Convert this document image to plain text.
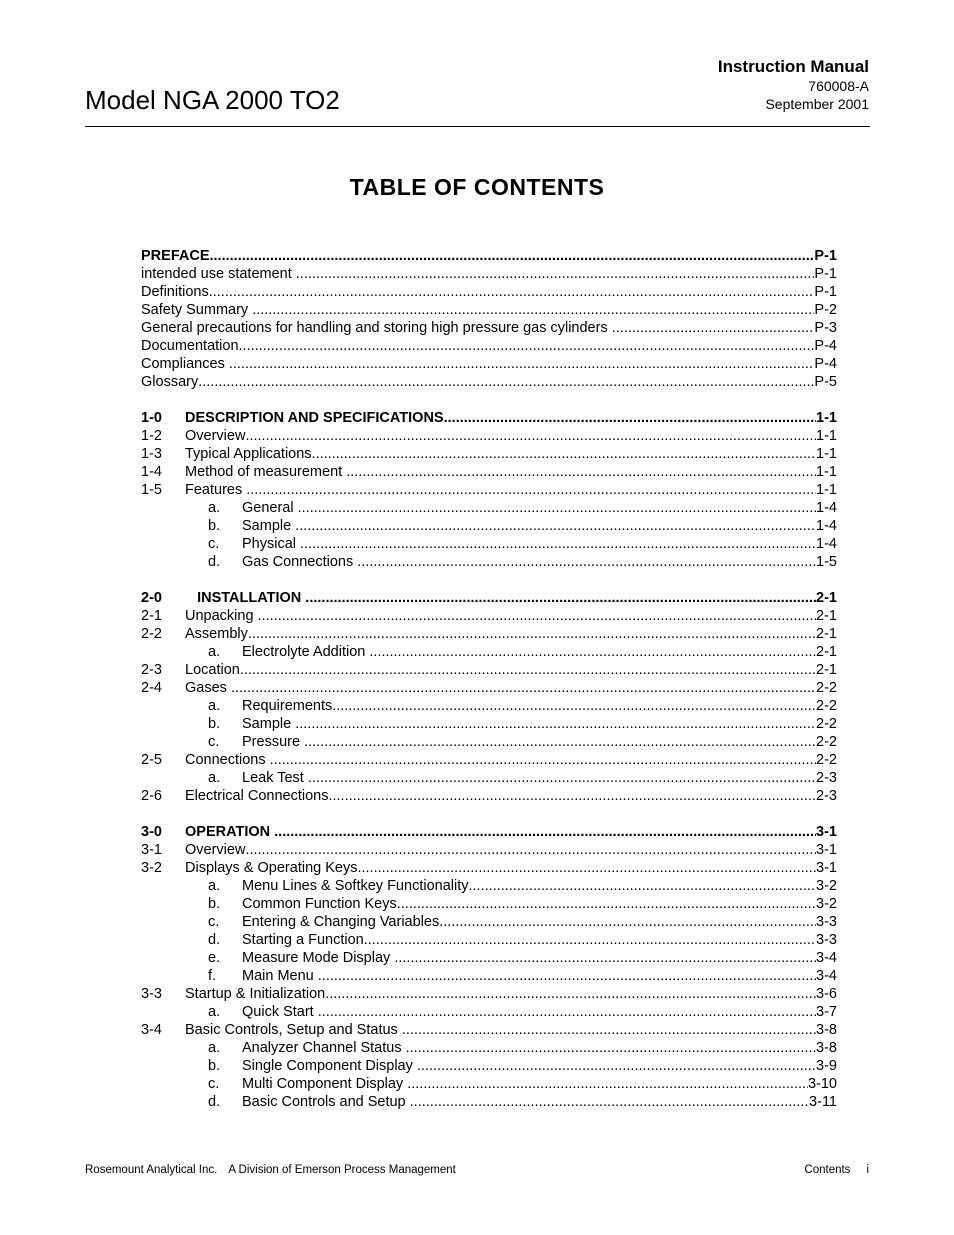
Model NGA 2000 TO2
Instruction Manual
760008-A
September 2001
TABLE OF CONTENTS
PREFACE .....	P-1
intended use statement .....	P-1
Definitions .....	P-1
Safety Summary .....	P-2
General precautions for handling and storing high pressure gas cylinders .....	P-3
Documentation .....	P-4
Compliances .....	P-4
Glossary .....	P-5
1-0	DESCRIPTION AND SPECIFICATIONS .....	1-1
1-2	Overview .....	1-1
1-3	Typical Applications .....	1-1
1-4	Method of measurement .....	1-1
1-5	Features .....	1-1
a.	General .....	1-4
b.	Sample .....	1-4
c.	Physical .....	1-4
d.	Gas Connections .....	1-5
2-0	INSTALLATION .....	2-1
2-1	Unpacking .....	2-1
2-2	Assembly .....	2-1
a.	Electrolyte Addition .....	2-1
2-3	Location .....	2-1
2-4	Gases .....	2-2
a.	Requirements .....	2-2
b.	Sample .....	2-2
c.	Pressure .....	2-2
2-5	Connections .....	2-2
a.	Leak Test .....	2-3
2-6	Electrical Connections .....	2-3
3-0	OPERATION .....	3-1
3-1	Overview .....	3-1
3-2	Displays & Operating Keys .....	3-1
a.	Menu Lines & Softkey Functionality .....	3-2
b.	Common Function Keys .....	3-2
c.	Entering & Changing Variables .....	3-3
d.	Starting a Function .....	3-3
e.	Measure Mode Display .....	3-4
f.	Main Menu .....	3-4
3-3	Startup & Initialization .....	3-6
a.	Quick Start .....	3-7
3-4	Basic Controls, Setup and Status .....	3-8
a.	Analyzer Channel Status .....	3-8
b.	Single Component Display .....	3-9
c.	Multi Component Display .....	3-10
d.	Basic Controls and Setup .....	3-11
Rosemount Analytical Inc. A Division of Emerson Process Management	Contents i
